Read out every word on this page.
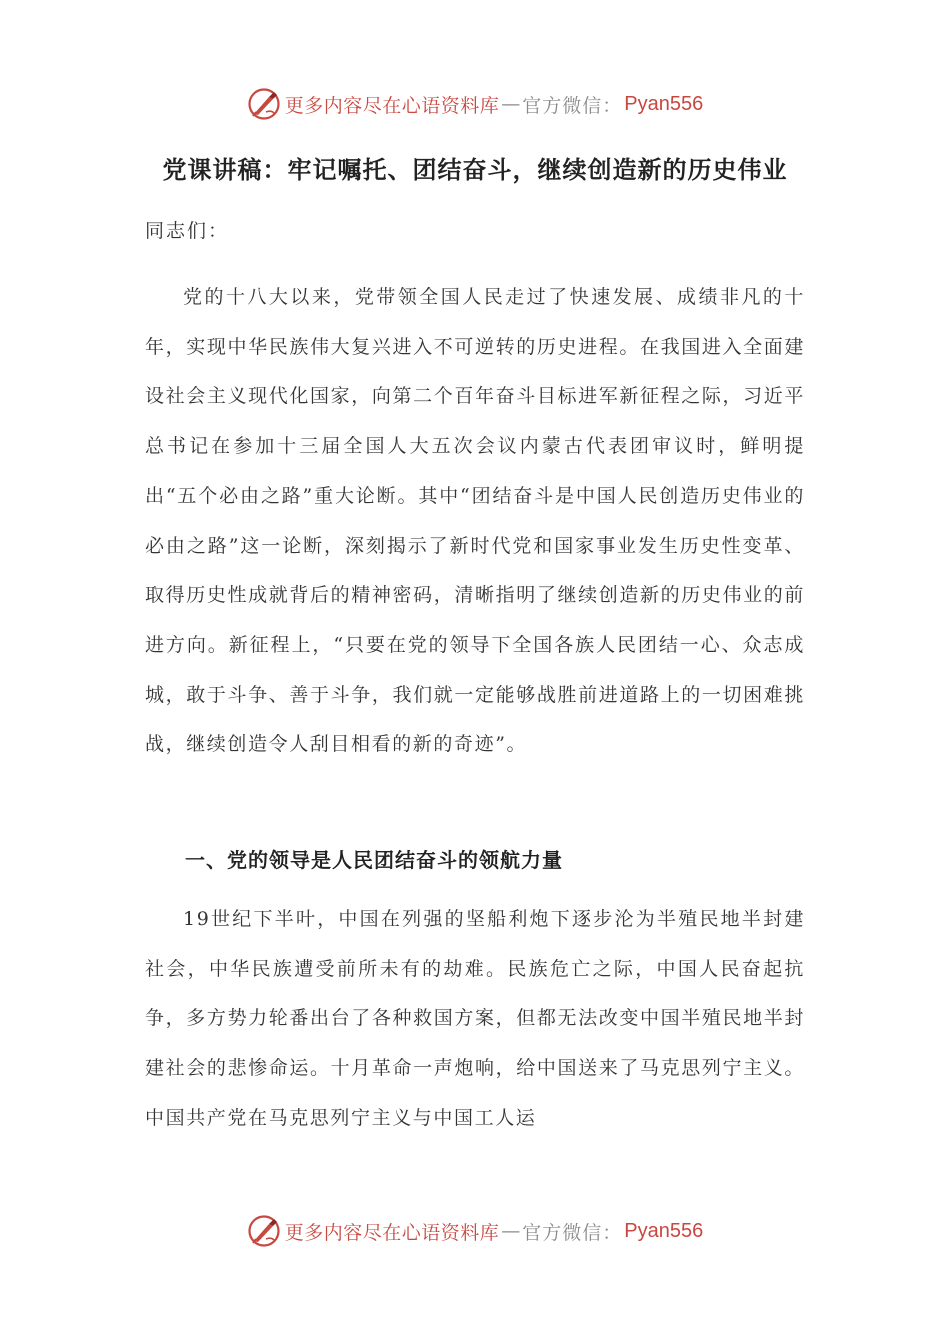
更多内容尽在心语资料库 — 官方微信： Pyan556
党课讲稿：牢记嘱托、团结奋斗，继续创造新的历史伟业

同志们：

党的十八大以来，党带领全国人民走过了快速发展、成绩非凡的十年，实现中华民族伟大复兴进入不可逆转的历史进程。在我国进入全面建设社会主义现代化国家，向第二个百年奋斗目标进军新征程之际，习近平总书记在参加十三届全国人大五次会议内蒙古代表团审议时，鲜明提出“五个必由之路”重大论断。其中“团结奋斗是中国人民创造历史伟业的必由之路”这一论断，深刻揭示了新时代党和国家事业发生历史性变革、取得历史性成就背后的精神密码，清晰指明了继续创造新的历史伟业的前进方向。新征程上，“只要在党的领导下全国各族人民团结一心、众志成城，敢于斗争、善于斗争，我们就一定能够战胜前进道路上的一切困难挑战，继续创造令人刮目相看的新的奇迹”。

一、党的领导是人民团结奋斗的领航力量

19世纪下半叶，中国在列强的坚船利炮下逐步沦为半殖民地半封建社会，中华民族遭受前所未有的劫难。民族危亡之际，中国人民奋起抗争，多方势力轮番出台了各种救国方案，但都无法改变中国半殖民地半封建社会的悲惨命运。十月革命一声炮响，给中国送来了马克思列宁主义。中国共产党在马克思列宁主义与中国工人运

更多内容尽在心语资料库 — 官方微信： Pyan556
